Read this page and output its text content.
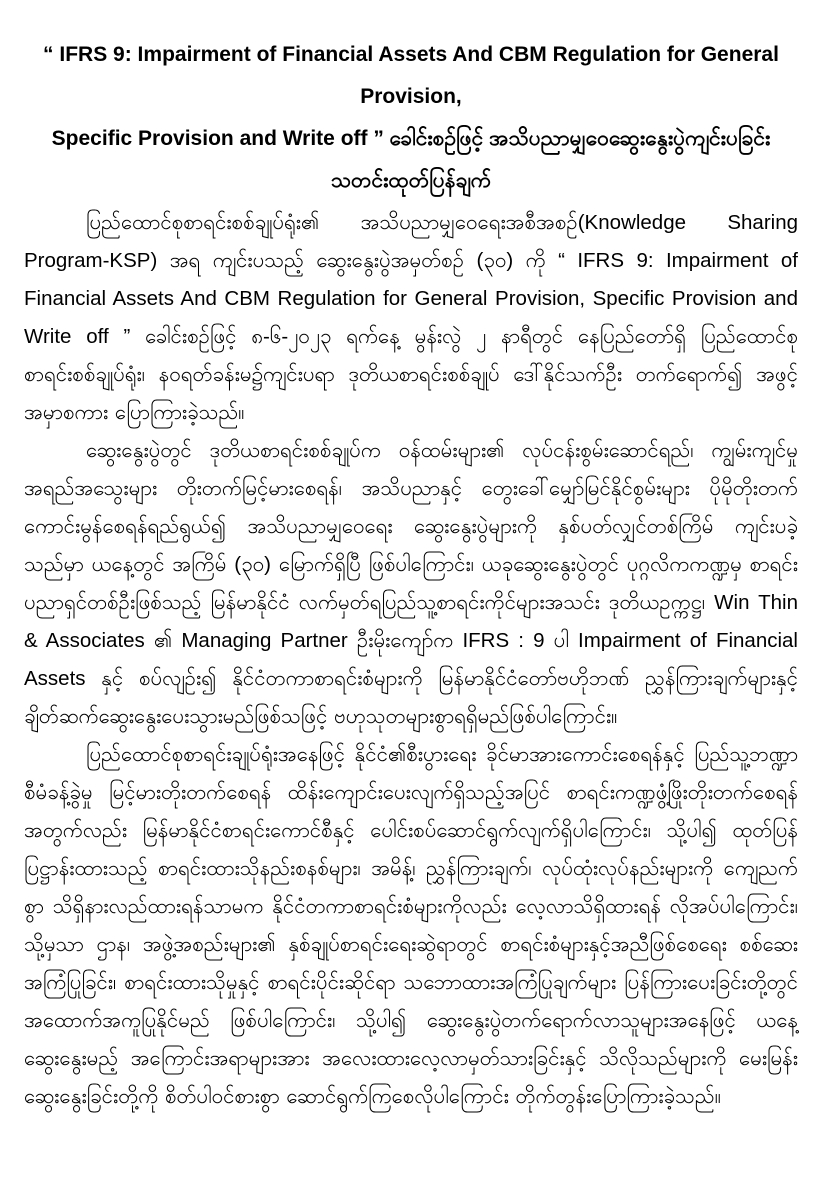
“ IFRS 9: Impairment of Financial Assets And CBM Regulation for General Provision,
Specific Provision and Write off ” ခေါင်းစဉ်ဖြင့် အသိပညာမျှဝေဆွေးနွေးပွဲကျင်းပခြင်း
သတင်းထုတ်ပြန်ချက်

ပြည်ထောင်စုစာရင်းစစ်ချုပ်ရုံး၏ အသိပညာမျှဝေရေးအစီအစဉ်(Knowledge Sharing Program-KSP) အရ ကျင်းပသည့် ဆွေးနွေးပွဲအမှတ်စဉ် (၃၀) ကို “ IFRS 9: Impairment of Financial Assets And CBM Regulation for General Provision, Specific Provision and Write off ” ခေါင်းစဉ်ဖြင့် ၈-၆-၂၀၂၃ ရက်နေ့ မွန်းလွဲ ၂ နာရီတွင် နေပြည်တော်ရှိ ပြည်ထောင်စုစာရင်းစစ်ချုပ်ရုံး၊ နဝရတ်ခန်းမ၌ကျင်းပရာ ဒုတိယစာရင်းစစ်ချုပ် ဒေါ်နိုင်သက်ဦး တက်ရောက်၍ အဖွင့်အမှာစကား ပြောကြားခဲ့သည်။

ဆွေးနွေးပွဲတွင် ဒုတိယစာရင်းစစ်ချုပ်က ဝန်ထမ်းများ၏ လုပ်ငန်းစွမ်းဆောင်ရည်၊ ကျွမ်းကျင်မှုအရည်အသွေးများ တိုးတက်မြင့်မားစေရန်၊ အသိပညာနှင့် တွေးခေါ်မျှော်မြင်နိုင်စွမ်းများ ပိုမိုတိုးတက်ကောင်းမွန်စေရန်ရည်ရွယ်၍ အသိပညာမျှဝေရေး ဆွေးနွေးပွဲများကို နှစ်ပတ်လျှင်တစ်ကြိမ် ကျင်းပခဲ့သည်မှာ ယနေ့တွင် အကြိမ် (၃၀) မြောက်ရှိပြီ ဖြစ်ပါကြောင်း၊ ယခုဆွေးနွေးပွဲတွင် ပုဂ္ဂလိကကဏ္ဍမှ စာရင်းပညာရှင်တစ်ဦးဖြစ်သည့် မြန်မာနိုင်ငံ လက်မှတ်ရပြည်သူ့စာရင်းကိုင်များအသင်း ဒုတိယဥက္ကဋ္ဌ၊ Win Thin & Associates ၏ Managing Partner ဦးမိုးကျော်က IFRS : 9 ပါ Impairment of Financial Assets နှင့် စပ်လျဉ်း၍ နိုင်ငံတကာစာရင်းစံများကို မြန်မာနိုင်ငံတော်ဗဟိုဘဏ် ညွှန်ကြားချက်များနှင့် ချိတ်ဆက်ဆွေးနွေးပေးသွားမည်ဖြစ်သဖြင့် ဗဟုသုတများစွာရရှိမည်ဖြစ်ပါကြောင်း။

ပြည်ထောင်စုစာရင်းချုပ်ရုံးအနေဖြင့် နိုင်ငံ၏စီးပွားရေး ခိုင်မာအားကောင်းစေရန်နှင့် ပြည်သူ့ဘဏ္ဍာစီမံခန့်ခွဲမှု မြင့်မားတိုးတက်စေရန် ထိန်းကျောင်းပေးလျက်ရှိသည့်အပြင် စာရင်းကဏ္ဍဖွံ့ဖြိုးတိုးတက်စေရန်အတွက်လည်း မြန်မာနိုင်ငံစာရင်းကောင်စီနှင့် ပေါင်းစပ်ဆောင်ရွက်လျက်ရှိပါကြောင်း၊ သို့ပါ၍ ထုတ်ပြန်ပြဋ္ဌာန်းထားသည့် စာရင်းထားသိုနည်းစနစ်များ၊ အမိန့်၊ ညွှန်ကြားချက်၊ လုပ်ထုံးလုပ်နည်းများကို ကျေညက်စွာ သိရှိနားလည်ထားရန်သာမက နိုင်ငံတကာစာရင်းစံများကိုလည်း လေ့လာသိရှိထားရန် လိုအပ်ပါကြောင်း၊ သို့မှသာ ဌာန၊ အဖွဲ့အစည်းများ၏ နှစ်ချုပ်စာရင်းရေးဆွဲရာတွင် စာရင်းစံများနှင့်အညီဖြစ်စေရေး စစ်ဆေးအကြံပြုခြင်း၊ စာရင်းထားသိုမှုနှင့် စာရင်းပိုင်းဆိုင်ရာ သဘောထားအကြံပြုချက်များ ပြန်ကြားပေးခြင်းတို့တွင် အထောက်အကူပြုနိုင်မည် ဖြစ်ပါကြောင်း၊ သို့ပါ၍ ဆွေးနွေးပွဲတက်ရောက်လာသူများအနေဖြင့် ယနေ့ဆွေးနွေးမည့် အကြောင်းအရာများအား အလေးထားလေ့လာမှတ်သားခြင်းနှင့် သိလိုသည်များကို မေးမြန်းဆွေးနွေးခြင်းတို့ကို စိတ်ပါဝင်စားစွာ ဆောင်ရွက်ကြစေလိုပါကြောင်း တိုက်တွန်းပြောကြားခဲ့သည်။
